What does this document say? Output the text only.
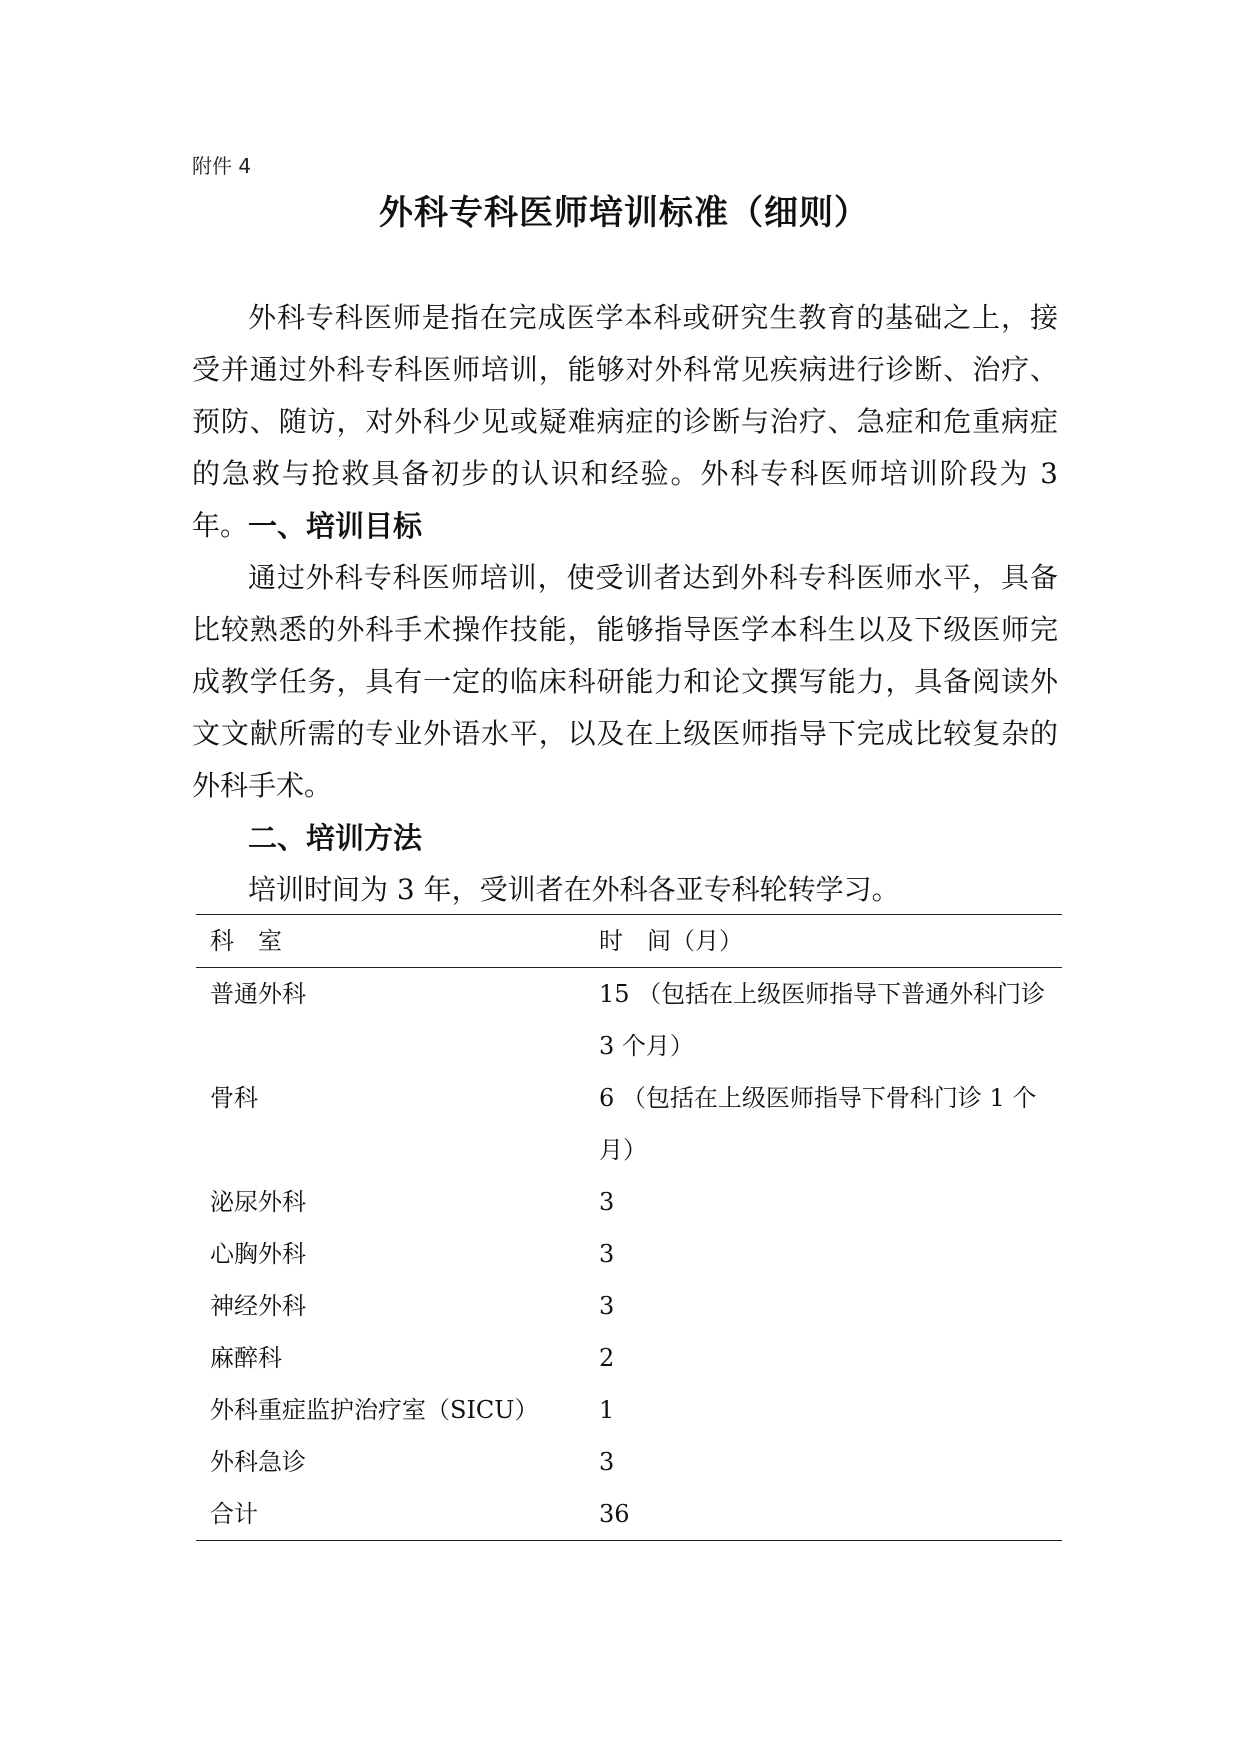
附件 4
外科专科医师培训标准（细则）
外科专科医师是指在完成医学本科或研究生教育的基础之上，接受并通过外科专科医师培训，能够对外科常见疾病进行诊断、治疗、预防、随访，对外科少见或疑难病症的诊断与治疗、急症和危重病症的急救与抢救具备初步的认识和经验。外科专科医师培训阶段为 3 年。 一、培训目标
通过外科专科医师培训，使受训者达到外科专科医师水平，具备比较熟悉的外科手术操作技能，能够指导医学本科生以及下级医师完成教学任务，具有一定的临床科研能力和论文撰写能力，具备阅读外文文献所需的专业外语水平，以及在上级医师指导下完成比较复杂的外科手术。
二、培训方法
培训时间为 3 年，受训者在外科各亚专科轮转学习。
科　室	时　间（月）
普通外科	15 （包括在上级医师指导下普通外科门诊 3 个月）
骨科	6 （包括在上级医师指导下骨科门诊 1 个月）
泌尿外科	3
心胸外科	3
神经外科	3
麻醉科	2
外科重症监护治疗室（SICU）	1
外科急诊	3
合计	36
